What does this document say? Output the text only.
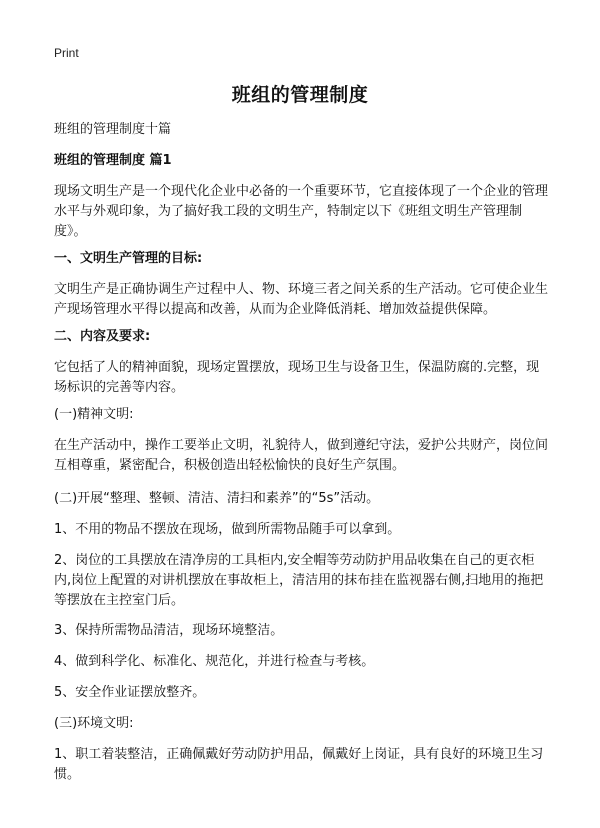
Print
班组的管理制度

班组的管理制度十篇

班组的管理制度 篇1

现场文明生产是一个现代化企业中必备的一个重要环节，它直接体现了一个企业的管理水平与外观印象，为了搞好我工段的文明生产，特制定以下《班组文明生产管理制度》。

一、文明生产管理的目标:

文明生产是正确协调生产过程中人、物、环境三者之间关系的生产活动。它可使企业生产现场管理水平得以提高和改善，从而为企业降低消耗、增加效益提供保障。

二、内容及要求:

它包括了人的精神面貌，现场定置摆放，现场卫生与设备卫生，保温防腐的.完整，现场标识的完善等内容。

(一)精神文明:

在生产活动中，操作工要举止文明，礼貌待人，做到遵纪守法，爱护公共财产，岗位间互相尊重，紧密配合，积极创造出轻松愉快的良好生产氛围。

(二)开展“整理、整顿、清洁、清扫和素养”的“5s”活动。

1、不用的物品不摆放在现场，做到所需物品随手可以拿到。

2、岗位的工具摆放在清净房的工具柜内,安全帽等劳动防护用品收集在自己的更衣柜内,岗位上配置的对讲机摆放在事故柜上，清洁用的抹布挂在监视器右侧,扫地用的拖把等摆放在主控室门后。

3、保持所需物品清洁，现场环境整洁。

4、做到科学化、标准化、规范化，并进行检查与考核。

5、安全作业证摆放整齐。

(三)环境文明:

1、职工着装整洁，正确佩戴好劳动防护用品，佩戴好上岗证，具有良好的环境卫生习惯。
